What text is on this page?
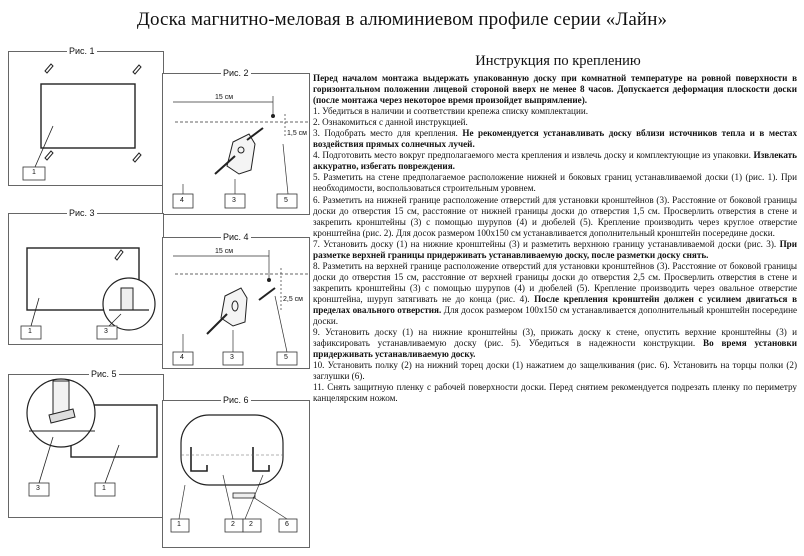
Доска магнитно-меловая в алюминиевом профиле серии «Лайн»
Рис. 1
1
Рис. 2
15 см
1,5 см
4	3	5
Рис. 3
1	3
Рис. 4
15 см
2,5 см
4	3	5
Рис. 5
3	1
Рис. 6
1	2 2	6
Инструкция по креплению

Перед началом монтажа выдержать упакованную доску при комнатной температуре на ровной поверхности в горизонтальном положении лицевой стороной вверх не менее 8 часов. Допускается деформация плоскости доски (после монтажа через некоторое время произойдет выпрямление).

1. Убедиться в наличии и соответствии крепежа списку комплектации.

2. Ознакомиться с данной инструкцией.

3. Подобрать место для крепления. Не рекомендуется устанавливать доску вблизи источников тепла и в местах воздействия прямых солнечных лучей.

4. Подготовить место вокруг предполагаемого места крепления и извлечь доску и комплектующие из упаковки. Извлекать аккуратно, избегать повреждения.

5. Разметить на стене предполагаемое расположение нижней и боковых границ устанавливаемой доски (1) (рис. 1). При необходимости, воспользоваться строительным уровнем.

6. Разметить на нижней границе расположение отверстий для установки кронштейнов (3). Расстояние от боковой границы доски до отверстия 15 см, расстояние от нижней границы доски до отверстия 1,5 см. Просверлить отверстия в стене и закрепить кронштейны (3) с помощью шурупов (4) и дюбелей (5). Крепление производить через круглое отверстие кронштейна (рис. 2). Для досок размером 100х150 см устанавливается дополнительный кронштейн посередине доски.

7. Установить доску (1) на нижние кронштейны (3) и разметить верхнюю границу устанавливаемой доски (рис. 3). При разметке верхней границы придерживать устанавливаемую доску, после разметки доску снять.

8. Разметить на верхней границе расположение отверстий для установки кронштейнов (3). Расстояние от боковой границы доски до отверстия 15 см, расстояние от верхней границы доски до отверстия 2,5 см. Просверлить отверстия в стене и закрепить кронштейны (3) с помощью шурупов (4) и дюбелей (5). Крепление производить через овальное отверстие кронштейна, шуруп затягивать не до конца (рис. 4). После крепления кронштейн должен с усилием двигаться в пределах овального отверстия. Для досок размером 100х150 см устанавливается дополнительный кронштейн посередине доски.

9. Установить доску (1) на нижние кронштейны (3), прижать доску к стене, опустить верхние кронштейны (3) и зафиксировать устанавливаемую доску (рис. 5). Убедиться в надежности конструкции. Во время установки придерживать устанавливаемую доску.

10. Установить полку (2) на нижний торец доски (1) нажатием до защелкивания (рис. 6). Установить на торцы полки (2) заглушки (6).

11. Снять защитную пленку с рабочей поверхности доски. Перед снятием рекомендуется подрезать пленку по периметру канцелярским ножом.
